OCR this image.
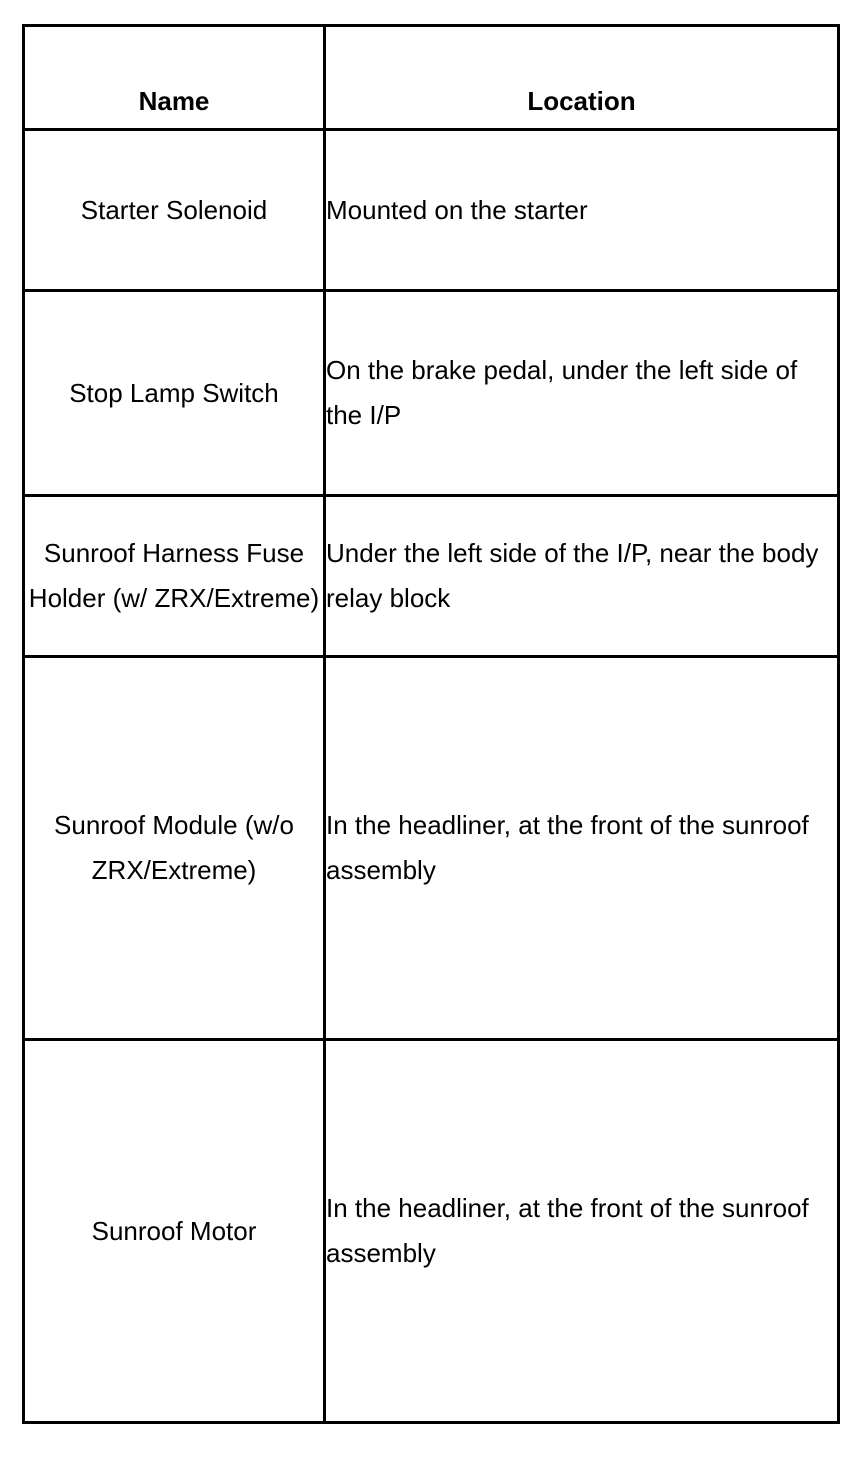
Name	Location

Starter Solenoid	Mounted on the starter

Stop Lamp Switch	On the brake pedal, under the left side of the I/P

Sunroof Harness Fuse Holder (w/ ZRX/Extreme)	Under the left side of the I/P, near the body relay block

Sunroof Module (w/o ZRX/Extreme)	In the headliner, at the front of the sunroof assembly

Sunroof Motor	In the headliner, at the front of the sunroof assembly
